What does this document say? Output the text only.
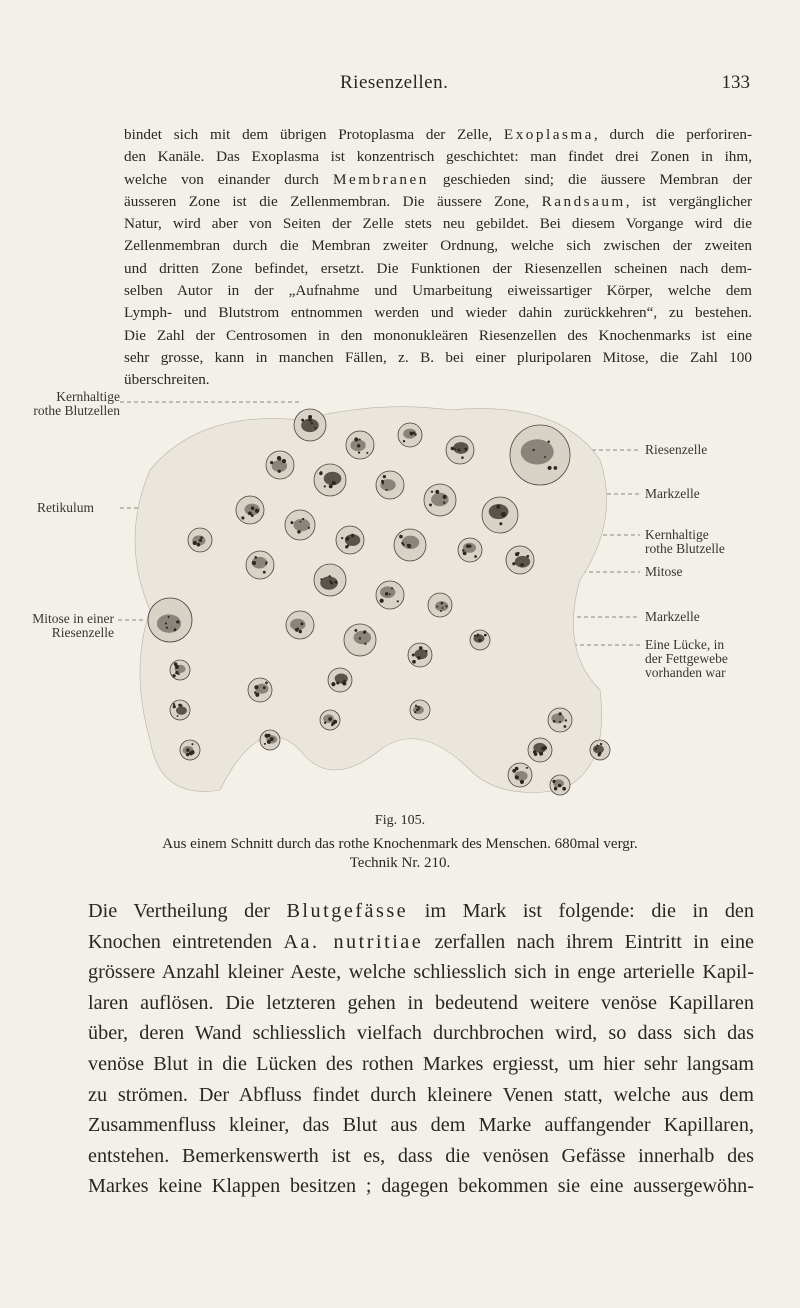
Riesenzellen.	133

bindet sich mit dem übrigen Protoplasma der Zelle, Exoplasma, durch die perforiren-
den Kanäle. Das Exoplasma ist konzentrisch geschichtet: man findet drei Zonen in ihm,
welche von einander durch Membranen geschieden sind; die äussere Membran der
äusseren Zone ist die Zellenmembran. Die äussere Zone, Randsaum, ist vergänglicher
Natur, wird aber von Seiten der Zelle stets neu gebildet. Bei diesem Vorgange wird die
Zellenmembran durch die Membran zweiter Ordnung, welche sich zwischen der zweiten
und dritten Zone befindet, ersetzt. Die Funktionen der Riesenzellen scheinen nach dem-
selben Autor in der „Aufnahme und Umarbeitung eiweissartiger Körper, welche dem
Lymph- und Blutstrom entnommen werden und wieder dahin zurückkehren“, zu bestehen.
Die Zahl der Centrosomen in den mononukleären Riesenzellen des Knochenmarks ist eine
sehr grosse, kann in manchen Fällen, z. B. bei einer pluripolaren Mitose, die Zahl 100
überschreiten.

Kernhaltige
rothe Blutzellen
Retikulum
Mitose in einer
Riesenzelle
Riesenzelle
Markzelle
Kernhaltige
rothe Blutzelle
Mitose
Markzelle
Eine Lücke, in
der Fettgewebe
vorhanden war
Fig. 105.
Aus einem Schnitt durch das rothe Knochenmark des Menschen. 680mal vergr.
Technik Nr. 210.

Die Vertheilung der Blutgefässe im Mark ist folgende: die in den
Knochen eintretenden Aa. nutritiae zerfallen nach ihrem Eintritt in eine
grössere Anzahl kleiner Aeste, welche schliesslich sich in enge arterielle Kapil-
laren auflösen. Die letzteren gehen in bedeutend weitere venöse Kapillaren
über, deren Wand schliesslich vielfach durchbrochen wird, so dass sich das
venöse Blut in die Lücken des rothen Markes ergiesst, um hier sehr langsam
zu strömen. Der Abfluss findet durch kleinere Venen statt, welche aus dem
Zusammenfluss kleiner, das Blut aus dem Marke auffangender Kapillaren,
entstehen. Bemerkenswerth ist es, dass die venösen Gefässe innerhalb des
Markes keine Klappen besitzen ; dagegen bekommen sie eine aussergewöhn-
